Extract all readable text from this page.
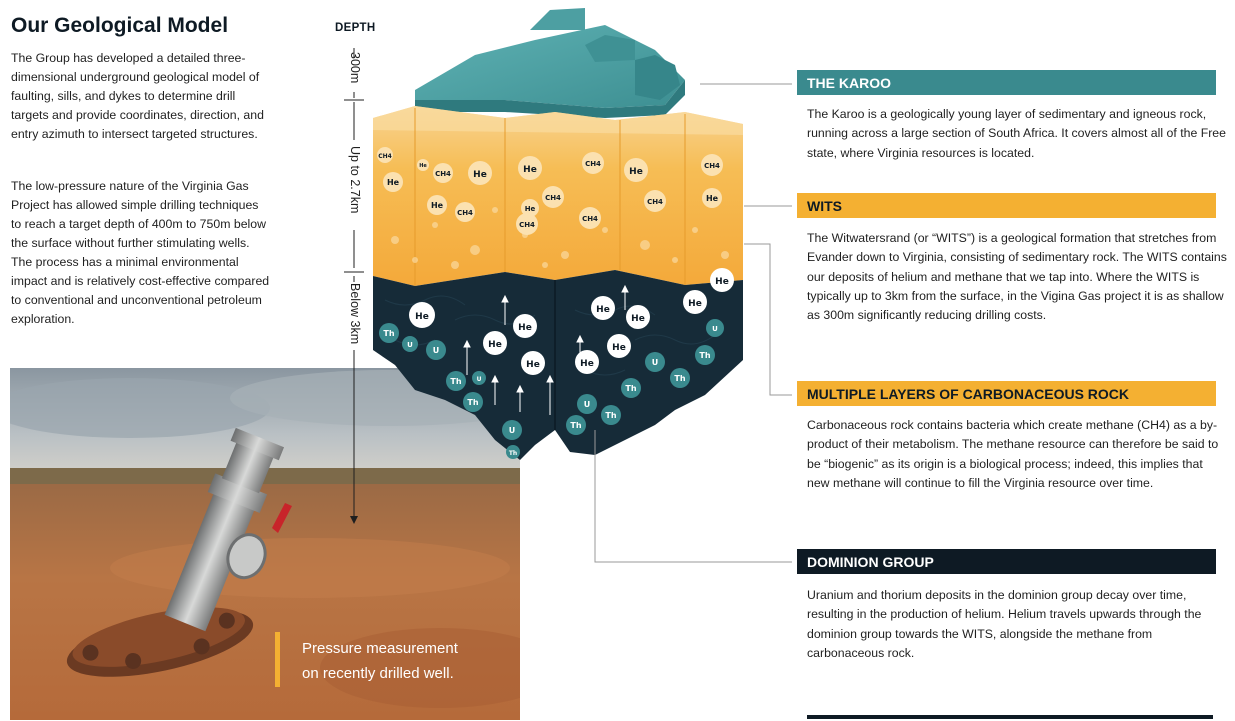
Our Geological Model

The Group has developed a detailed three-dimensional underground geological model of faulting, sills, and dykes to determine drill targets and provide coordinates, direction, and entry azimuth to intersect targeted structures.

The low-pressure nature of the Virginia Gas Project has allowed simple drilling techniques to reach a target depth of 400m to 750m below the surface without further stimulating wells. The process has a minimal environmental impact and is relatively cost-effective compared to conventional and unconventional petroleum exploration.

Pressure measurement
on recently drilled well.
DEPTH
300m
Up to 2.7km
Below 3km
CH4
He
CH4 He
He
He
CH4
He
CH4
He
CH4
CH4
CH4
He
CH4
CH4
He
He
He
He
He
He
He
He
He
He
He
Th
U
U
Th
Th
U
U
U
Th
Th
U
Th
Th
Th
U
Th
THE KAROO

The Karoo is a geologically young layer of sedimentary and igneous rock, running across a large section of South Africa. It covers almost all of the Free state, where Virginia resources is located.

WITS

The Witwatersrand (or “WITS”) is a geological formation that stretches from Evander down to Virginia, consisting of sedimentary rock. The WITS contains our deposits of helium and methane that we tap into. Where the WITS is typically up to 3km from the surface, in the Vigina Gas project it is as shallow as 300m significantly reducing drilling costs.

MULTIPLE LAYERS OF CARBONACEOUS ROCK

Carbonaceous rock contains bacteria which create methane (CH4) as a by-product of their metabolism. The methane resource can therefore be said to be “biogenic” as its origin is a biological process; indeed, this implies that new methane will continue to fill the Virginia resource over time.

DOMINION GROUP

Uranium and thorium deposits in the dominion group decay over time, resulting in the production of helium. Helium travels upwards through the dominion group towards the WITS, alongside the methane from carbonaceous rock.
